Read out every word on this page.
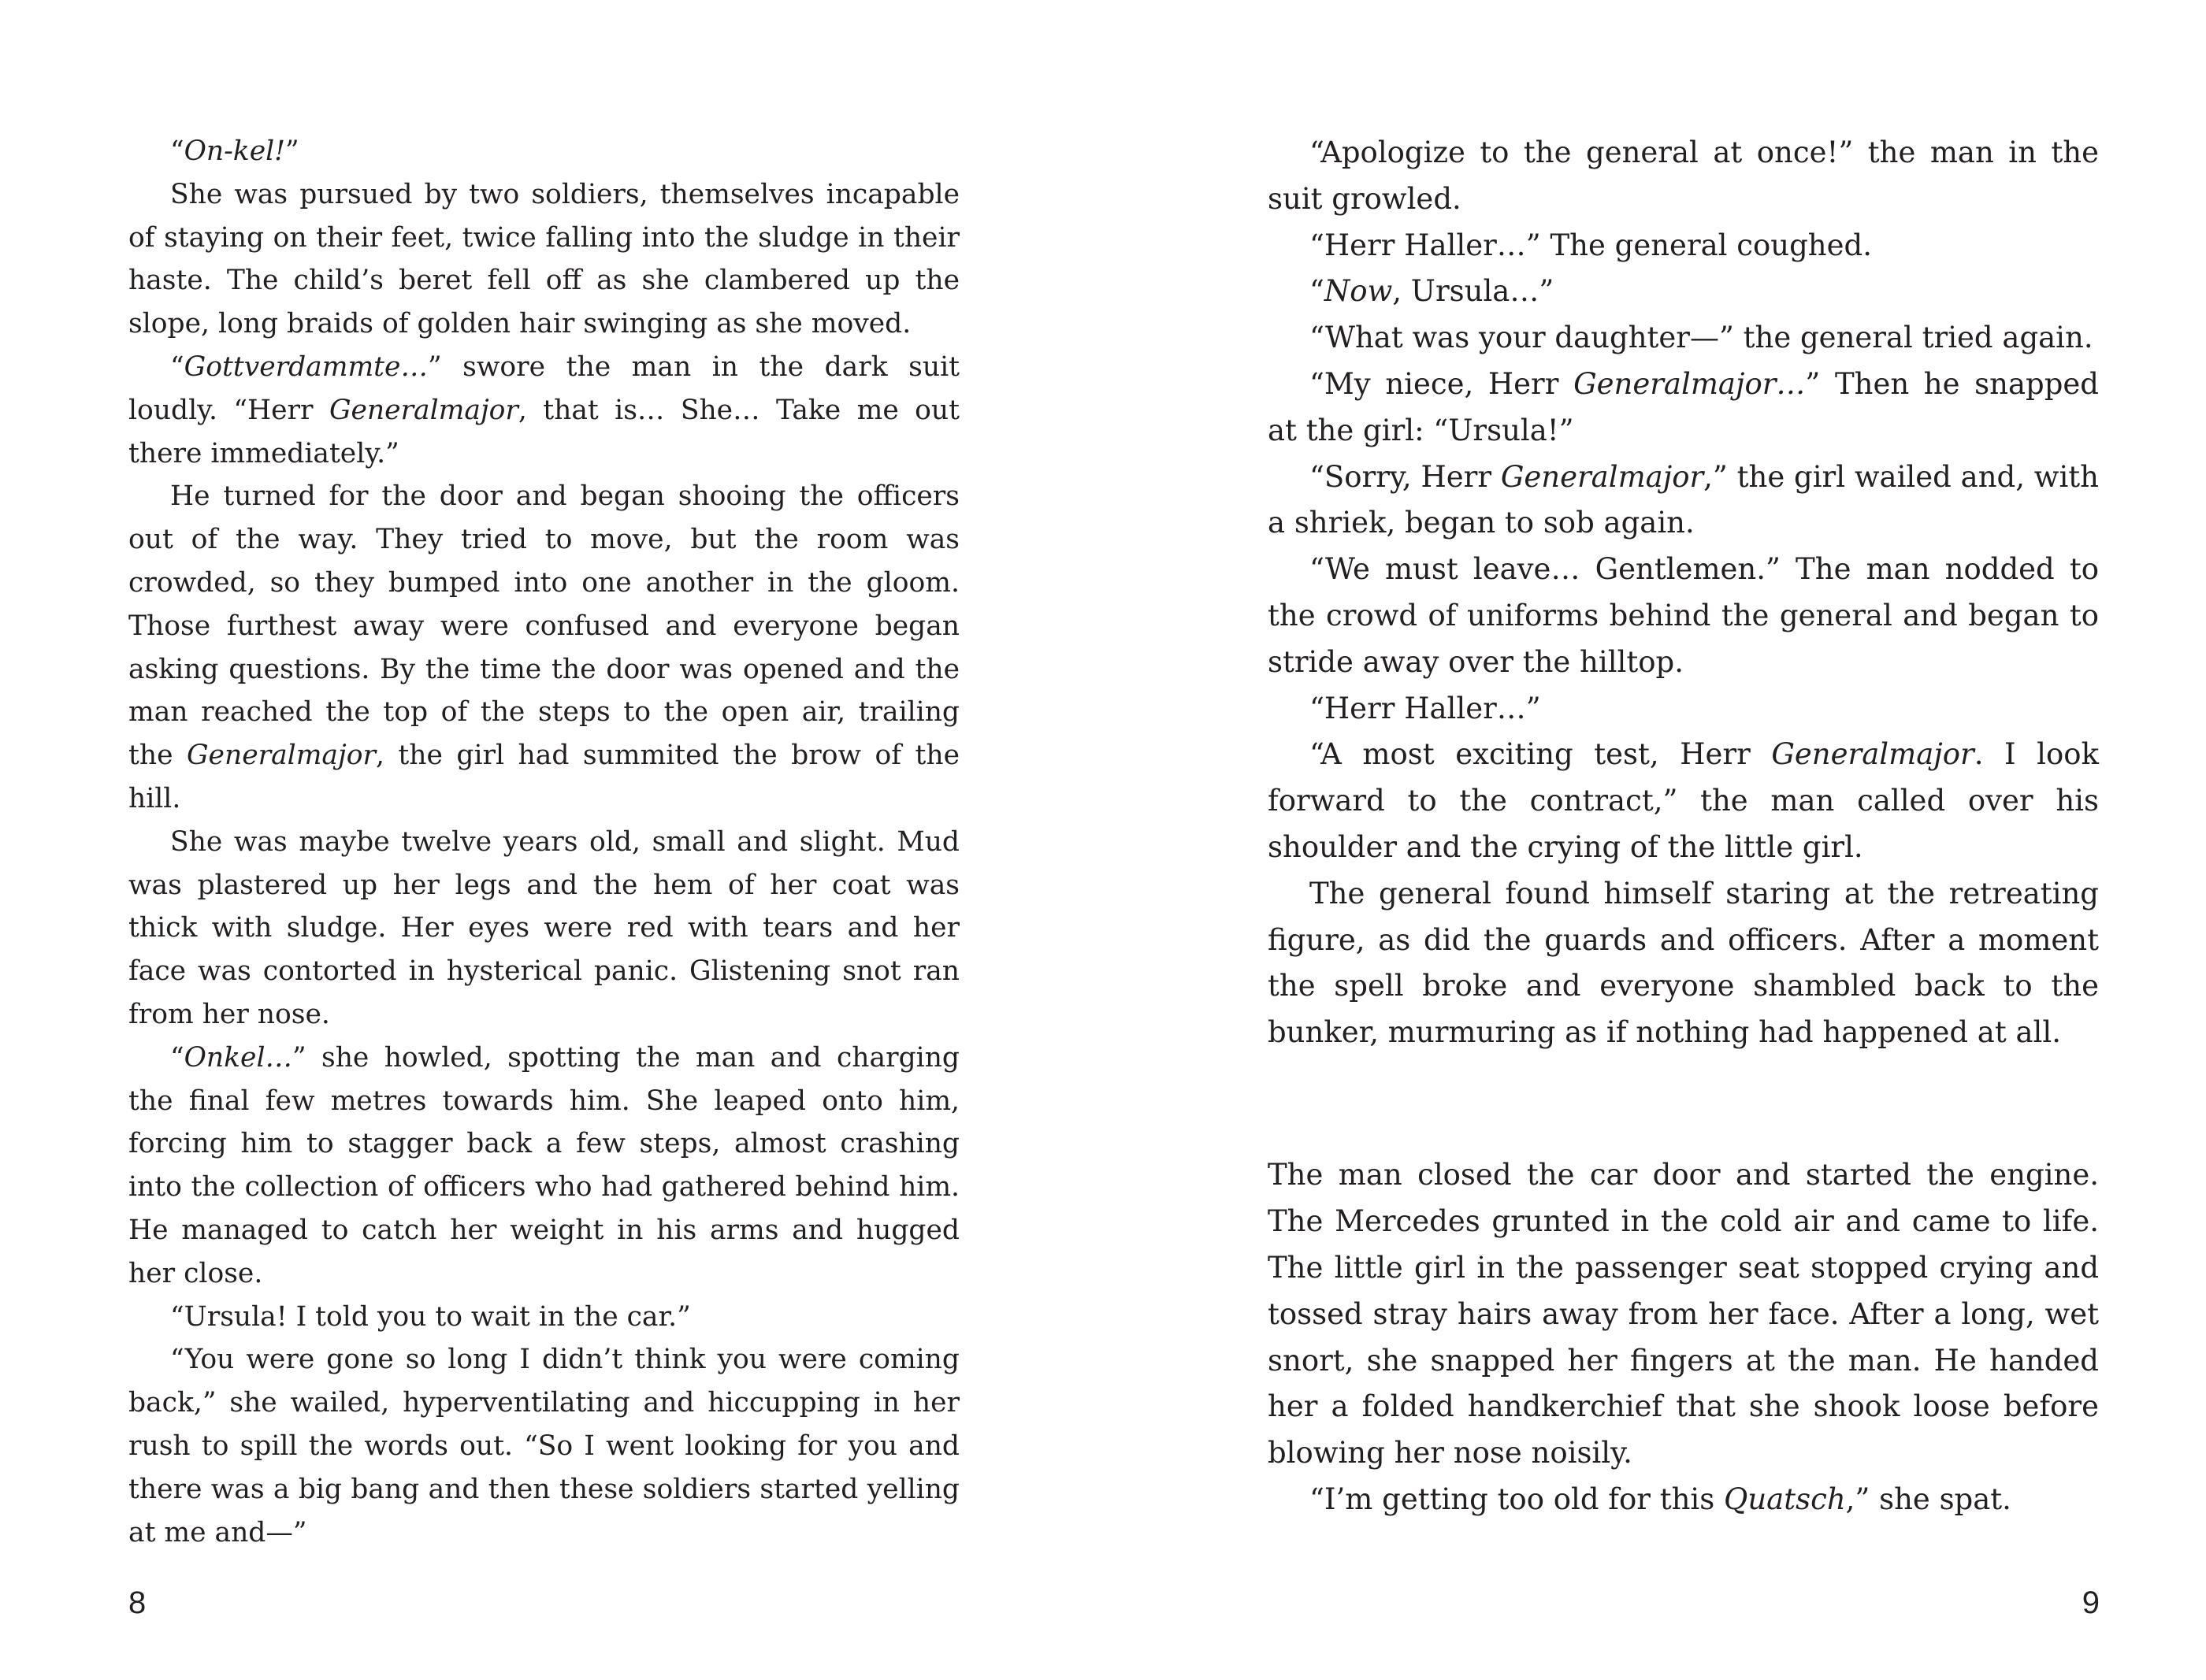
“On-kel!”

She was pursued by two soldiers, themselves incapable of staying on their feet, twice falling into the sludge in their haste. The child’s beret fell off as she clambered up the slope, long braids of golden hair swinging as she moved.

“Gottverdammte…” swore the man in the dark suit loudly. “Herr Generalmajor, that is… She… Take me out there immediately.”

He turned for the door and began shooing the officers out of the way. They tried to move, but the room was crowded, so they bumped into one another in the gloom. Those furthest away were confused and everyone began asking questions. By the time the door was opened and the man reached the top of the steps to the open air, trailing the Generalmajor, the girl had summited the brow of the hill.

She was maybe twelve years old, small and slight. Mud was plastered up her legs and the hem of her coat was thick with sludge. Her eyes were red with tears and her face was contorted in hysterical panic. Glistening snot ran from her nose.

“Onkel…” she howled, spotting the man and charging the final few metres towards him. She leaped onto him, forcing him to stagger back a few steps, almost crashing into the collection of officers who had gathered behind him. He managed to catch her weight in his arms and hugged her close.

“Ursula! I told you to wait in the car.”

“You were gone so long I didn’t think you were coming back,” she wailed, hyperventilating and hiccupping in her rush to spill the words out. “So I went looking for you and there was a big bang and then these soldiers started yelling at me and—”

8

“Apologize to the general at once!” the man in the suit growled.

“Herr Haller…” The general coughed.

“Now, Ursula…”

“What was your daughter—” the general tried again.

“My niece, Herr Generalmajor…” Then he snapped at the girl: “Ursula!”

“Sorry, Herr Generalmajor,” the girl wailed and, with a shriek, began to sob again.

“We must leave… Gentlemen.” The man nodded to the crowd of uniforms behind the general and began to stride away over the hilltop.

“Herr Haller…”

“A most exciting test, Herr Generalmajor. I look forward to the contract,” the man called over his shoulder and the crying of the little girl.

The general found himself staring at the retreating figure, as did the guards and officers. After a moment the spell broke and everyone shambled back to the bunker, murmuring as if nothing had happened at all.

The man closed the car door and started the engine. The Mercedes grunted in the cold air and came to life. The little girl in the passenger seat stopped crying and tossed stray hairs away from her face. After a long, wet snort, she snapped her fingers at the man. He handed her a folded handkerchief that she shook loose before blowing her nose noisily.

“I’m getting too old for this Quatsch,” she spat.

9
